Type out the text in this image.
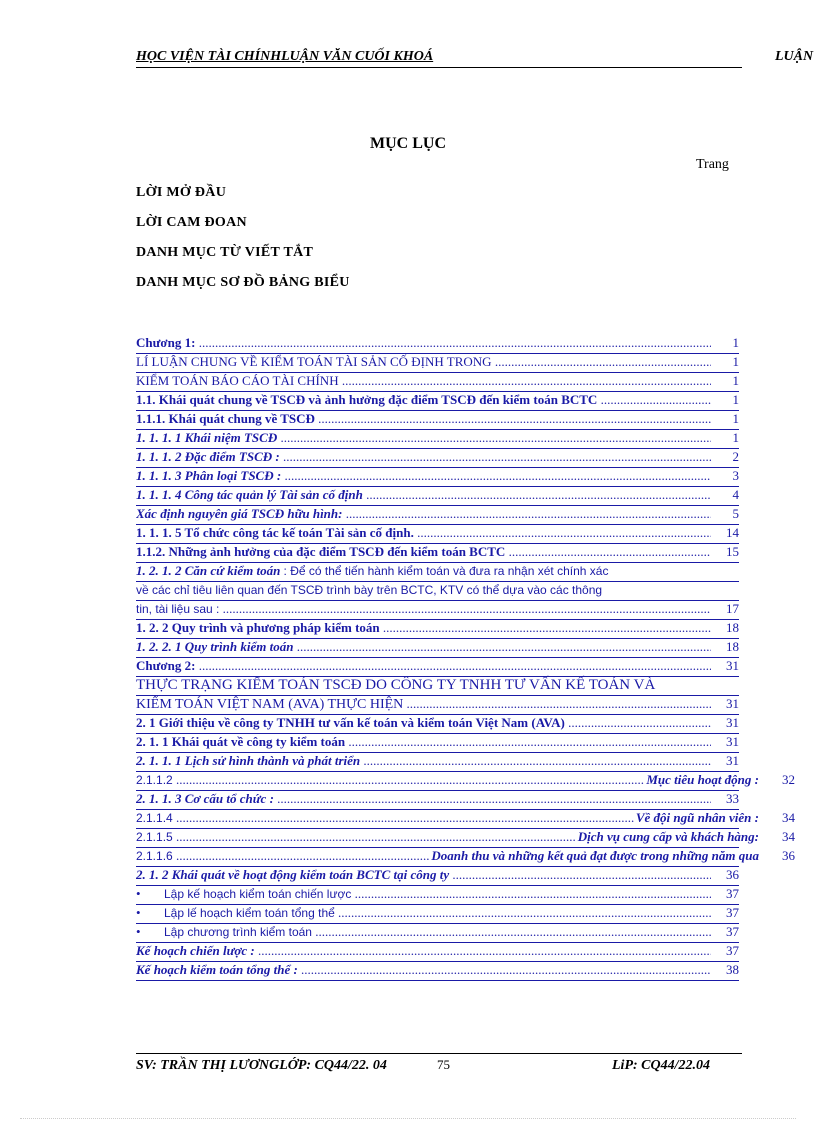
HỌC VIỆN TÀI CHÍNHLUẬN VĂN CUỐI KHOÁ	LUẬN
MỤC LỤC
Trang
LỜI MỞ ĐẦU
LỜI CAM ĐOAN
DANH MỤC TỪ VIẾT TẮT
DANH MỤC SƠ ĐỒ BẢNG BIỂU
Chương 1: .....	1
LÍ LUẬN CHUNG VỀ KIỂM TOÁN TÀI SẢN CỐ ĐỊNH TRONG .....	1
KIỂM TOÁN BÁO CÁO TÀI CHÍNH .....	1
1.1. Khái quát chung về TSCĐ và ảnh hưởng đặc điểm TSCĐ đến kiểm toán BCTC .....	1
1.1.1. Khái quát chung về TSCĐ .....	1
1. 1. 1. 1 Khái niệm TSCĐ .....	1
1. 1. 1. 2 Đặc điểm TSCĐ : .....	2
1. 1. 1. 3 Phân loại TSCĐ : .....	3
1. 1. 1. 4 Công tác quản lý Tài sản cố định .....	4
Xác định nguyên giá TSCĐ hữu hình: .....	5
1. 1. 1. 5 Tổ chức công tác kế toán Tài sản cố định. .....	14
1.1.2. Những ảnh hưởng của đặc điểm TSCĐ đến kiểm toán BCTC .....	15
1. 2. 1. 2 Căn cứ kiểm toán : Để có thể tiến hành kiểm toán và đưa ra nhận xét chính xác
về các chỉ tiêu liên quan đến TSCĐ trình bày trên BCTC, KTV có thể dựa vào các thông
tin, tài liệu sau : .....	17
1. 2. 2 Quy trình và phương pháp kiểm toán .....	18
1. 2. 2. 1 Quy trình kiểm toán .....	18
Chương 2: .....	31
THỰC TRẠNG KIỂM TOÁN TSCĐ DO CÔNG TY TNHH TƯ VẤN KẾ TOÁN VÀ
KIỂM TOÁN VIỆT NAM (AVA) THỰC HIỆN .....	31
2. 1 Giới thiệu về công ty TNHH tư vấn kế toán và kiểm toán Việt Nam (AVA) .....	31
2. 1. 1 Khái quát về công ty kiểm toán .....	31
2. 1. 1. 1 Lịch sử hình thành và phát triển .....	31
2.1.1.2 .....	Mục tiêu hoạt động : 32
2. 1. 1. 3 Cơ cấu tổ chức : .....	33
2.1.1.4 .....	Về đội ngũ nhân viên : 34
2.1.1.5 .....	Dịch vụ cung cấp và khách hàng: 34
2.1.1.6 .....	Doanh thu và những kết quả đạt được trong những năm qua 36
2. 1. 2 Khái quát về hoạt động kiểm toán BCTC tại công ty .....	36
• Lập kế hoạch kiểm toán chiến lược .....	37
• Lập lế hoạch kiểm toán tổng thể .....	37
• Lập chương trình kiểm toán .....	37
Kế hoạch chiến lược : .....	37
Kế hoạch kiểm toán tổng thể : .....	38
SV: TRẦN THỊ LƯƠNGLỚP: CQ44/22. 04	75	LiP: CQ44/22.04
